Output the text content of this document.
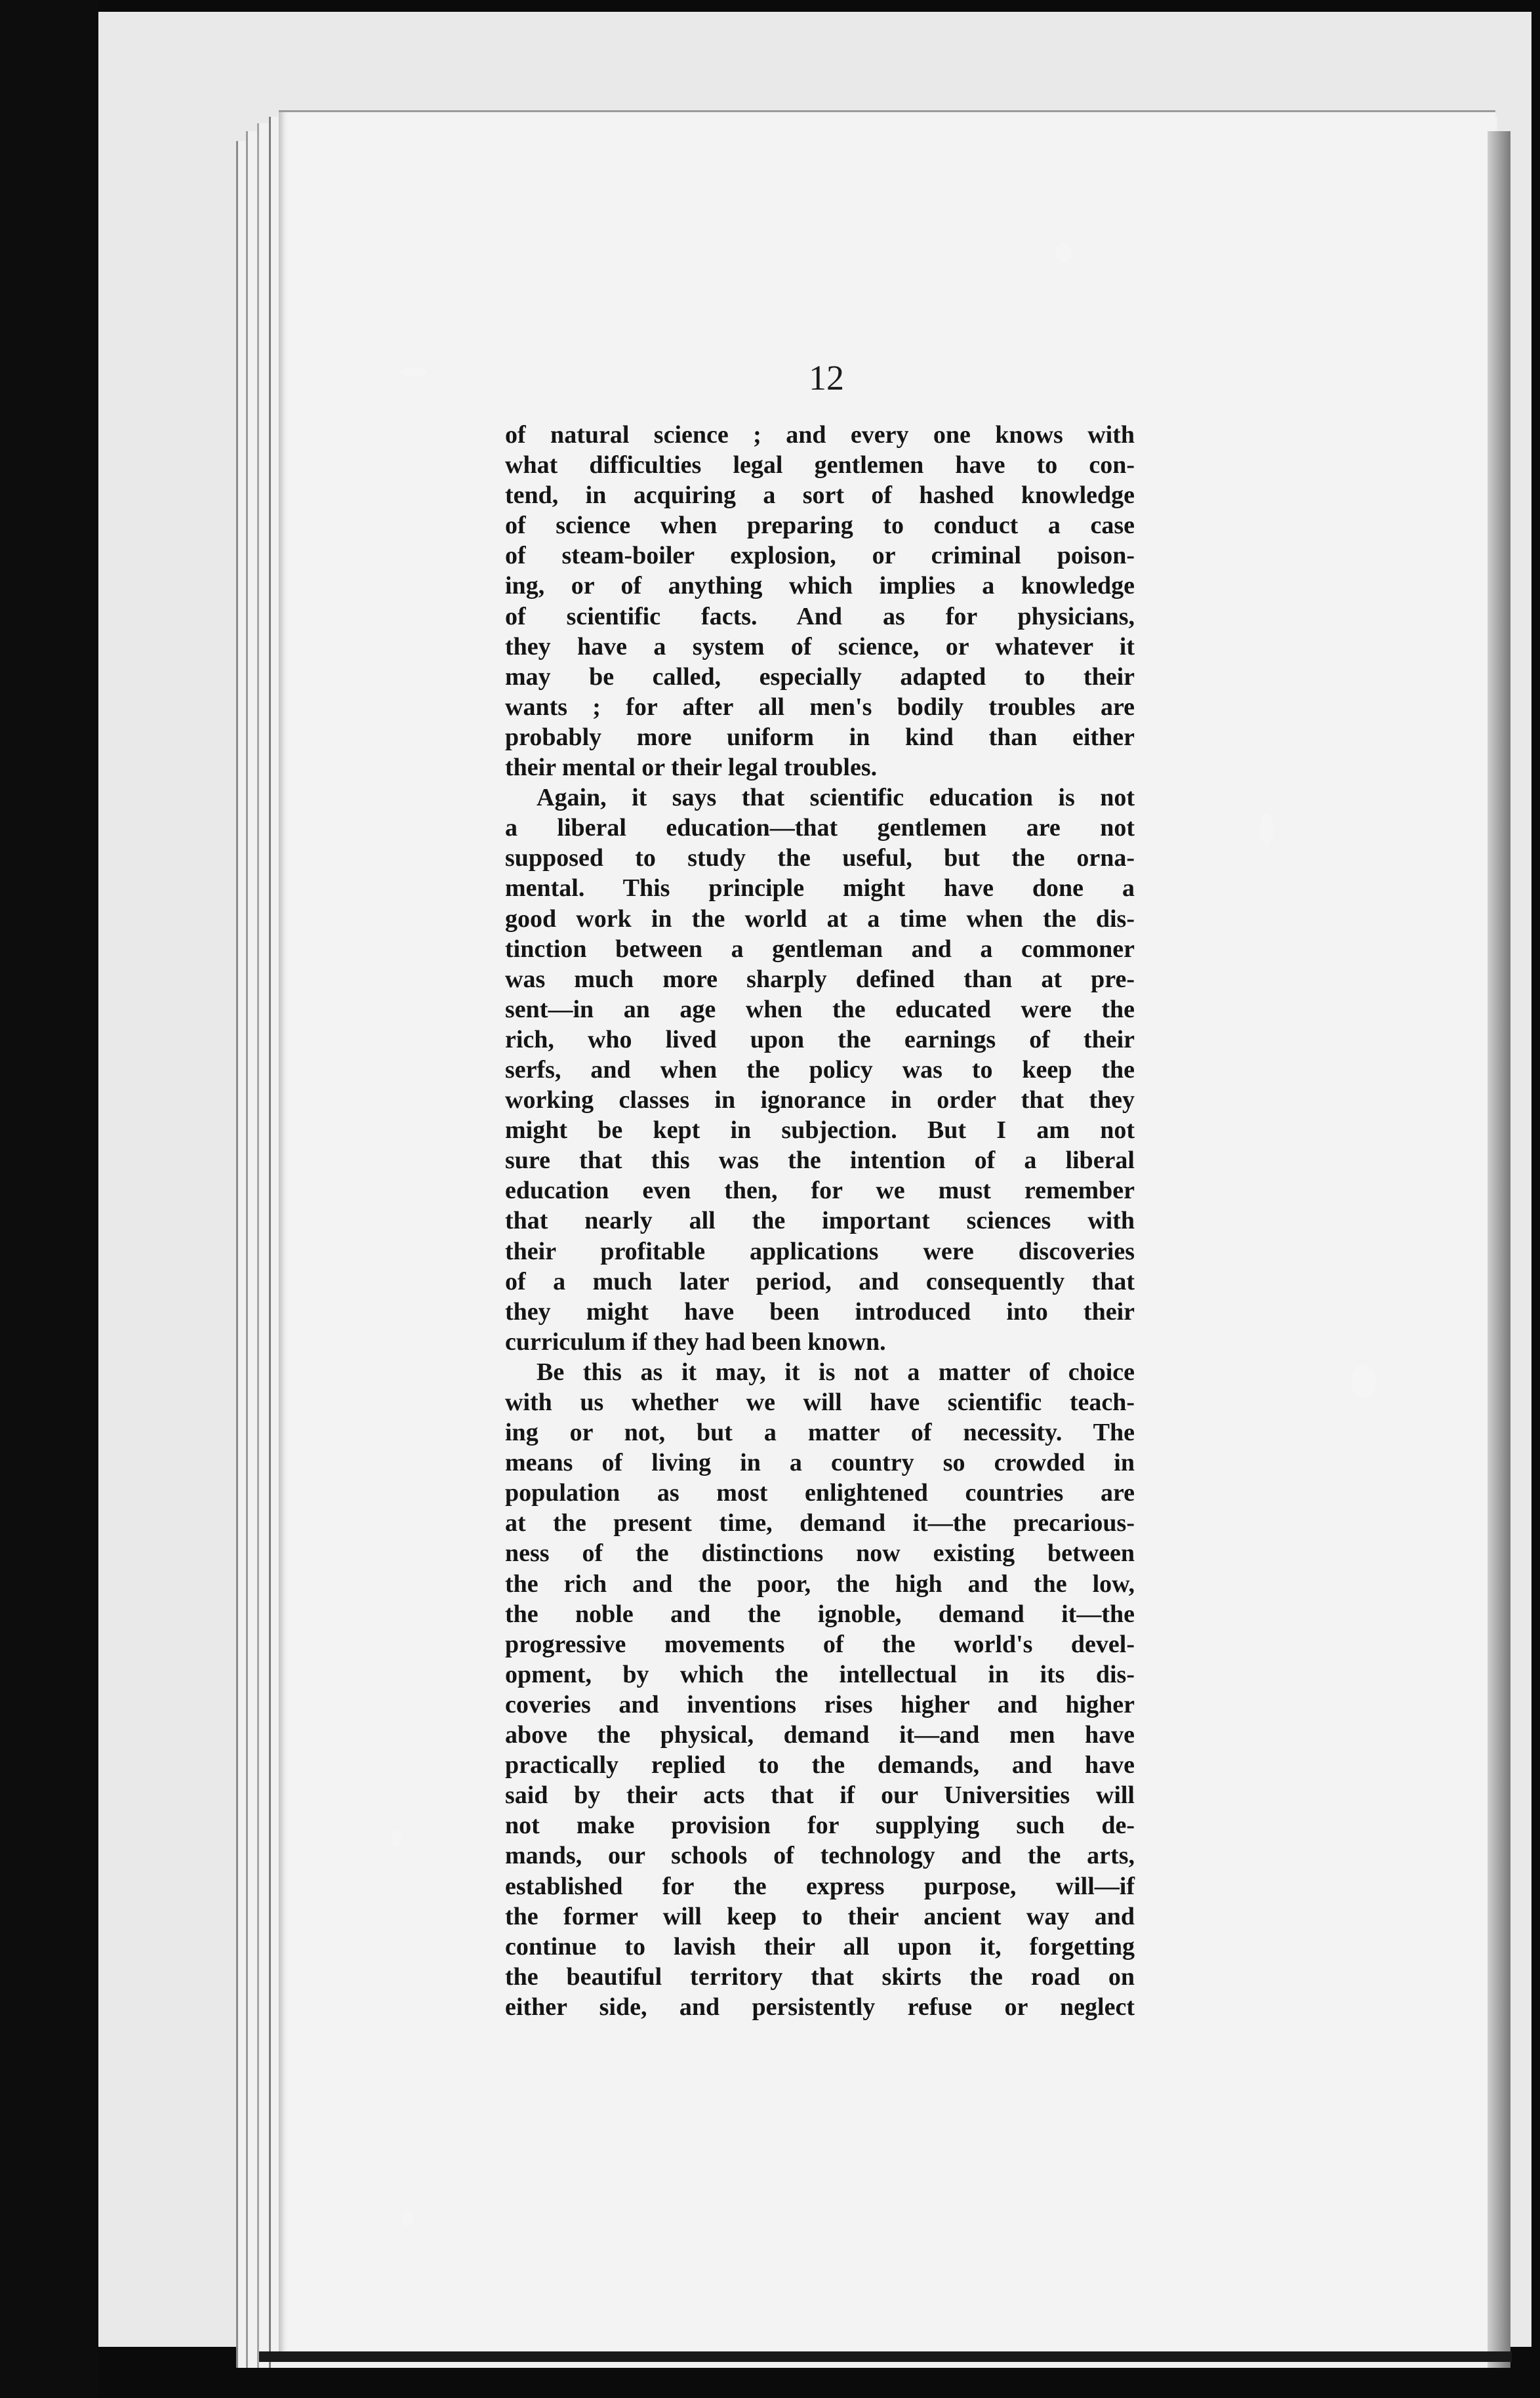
12
of natural science ; and every one knows with
what difficulties legal gentlemen have to con-
tend, in acquiring a sort of hashed knowledge
of science when preparing to conduct a case
of steam-boiler explosion, or criminal poison-
ing, or of anything which implies a knowledge
of scientific facts. And as for physicians,
they have a system of science, or whatever it
may be called, especially adapted to their
wants ; for after all men's bodily troubles are
probably more uniform in kind than either
their mental or their legal troubles.
Again, it says that scientific education is not
a liberal education—that gentlemen are not
supposed to study the useful, but the orna-
mental. This principle might have done a
good work in the world at a time when the dis-
tinction between a gentleman and a commoner
was much more sharply defined than at pre-
sent—in an age when the educated were the
rich, who lived upon the earnings of their
serfs, and when the policy was to keep the
working classes in ignorance in order that they
might be kept in subjection. But I am not
sure that this was the intention of a liberal
education even then, for we must remember
that nearly all the important sciences with
their profitable applications were discoveries
of a much later period, and consequently that
they might have been introduced into their
curriculum if they had been known.
Be this as it may, it is not a matter of choice
with us whether we will have scientific teach-
ing or not, but a matter of necessity. The
means of living in a country so crowded in
population as most enlightened countries are
at the present time, demand it—the precarious-
ness of the distinctions now existing between
the rich and the poor, the high and the low,
the noble and the ignoble, demand it—the
progressive movements of the world's devel-
opment, by which the intellectual in its dis-
coveries and inventions rises higher and higher
above the physical, demand it—and men have
practically replied to the demands, and have
said by their acts that if our Universities will
not make provision for supplying such de-
mands, our schools of technology and the arts,
established for the express purpose, will—if
the former will keep to their ancient way and
continue to lavish their all upon it, forgetting
the beautiful territory that skirts the road on
either side, and persistently refuse or neglect
